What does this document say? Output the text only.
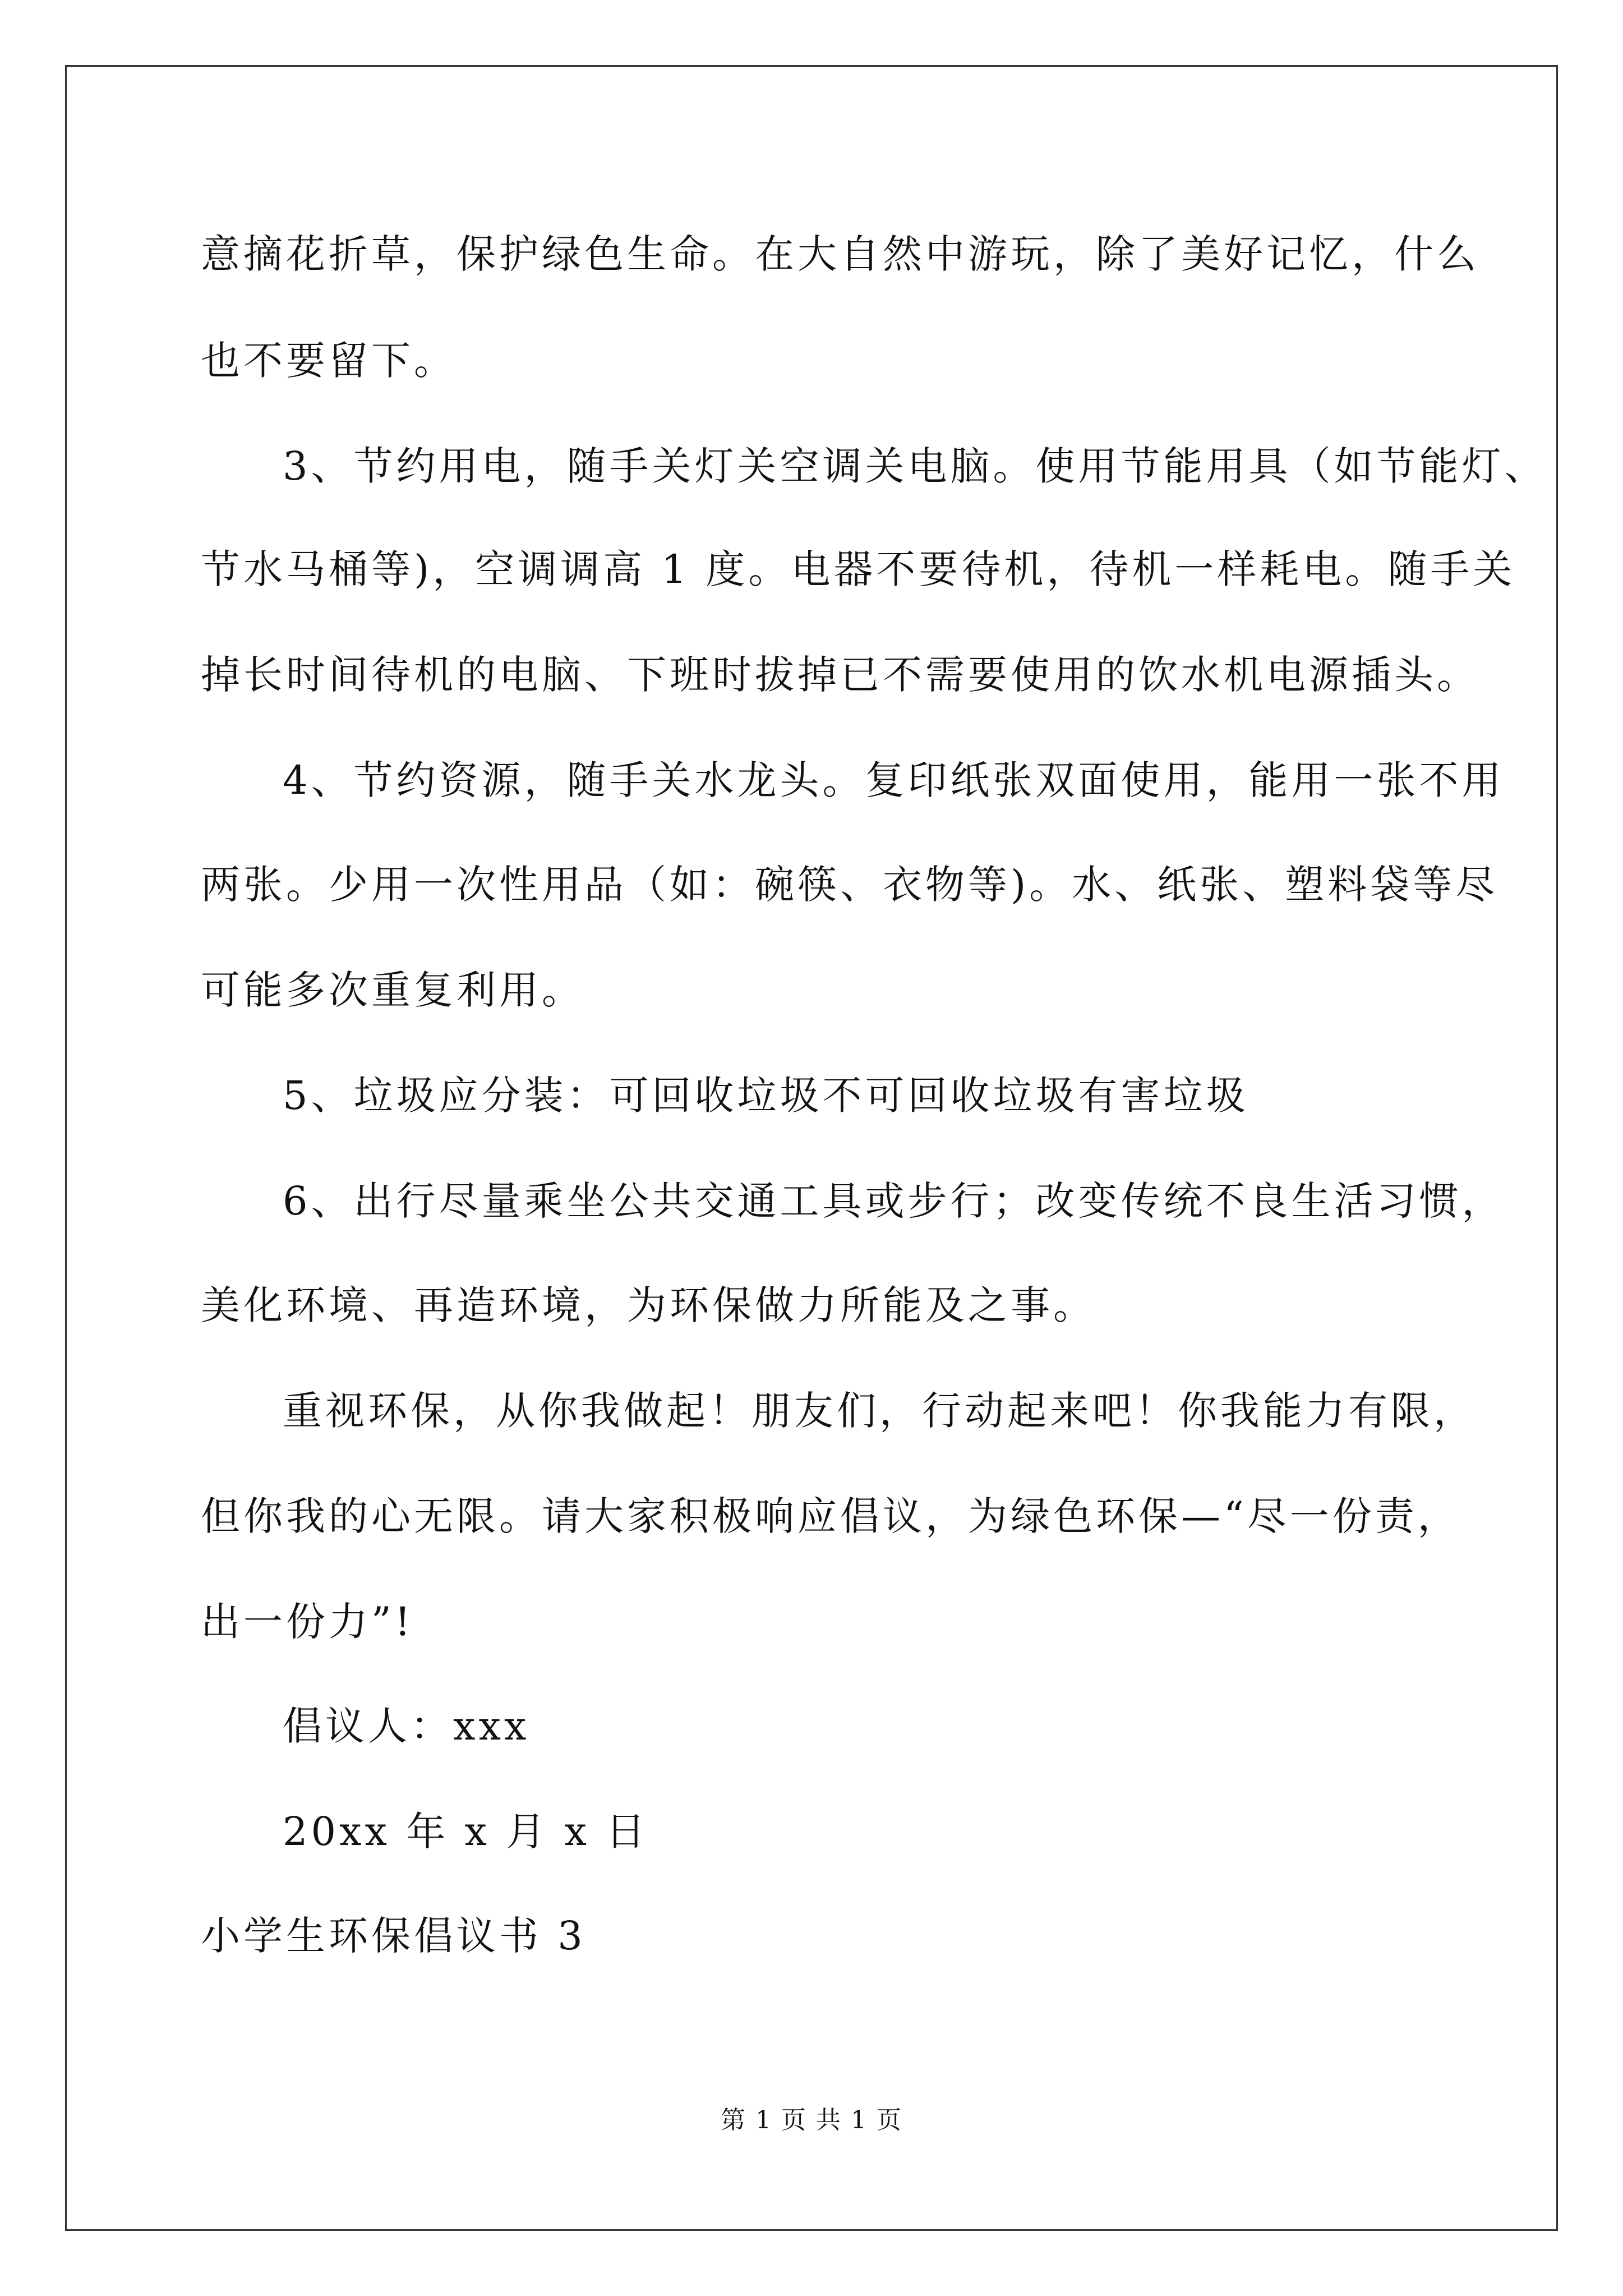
意摘花折草，保护绿色生命。在大自然中游玩，除了美好记忆，什么
也不要留下。
3、节约用电，随手关灯关空调关电脑。使用节能用具（如节能灯、
节水马桶等)，空调调高 1 度。电器不要待机，待机一样耗电。随手关
掉长时间待机的电脑、下班时拔掉已不需要使用的饮水机电源插头。
4、节约资源，随手关水龙头。复印纸张双面使用，能用一张不用
两张。少用一次性用品（如：碗筷、衣物等)。水、纸张、塑料袋等尽
可能多次重复利用。
5、垃圾应分装：可回收垃圾不可回收垃圾有害垃圾
6、出行尽量乘坐公共交通工具或步行；改变传统不良生活习惯，
美化环境、再造环境，为环保做力所能及之事。
重视环保，从你我做起！朋友们，行动起来吧！你我能力有限，
但你我的心无限。请大家积极响应倡议，为绿色环保—“尽一份责，
出一份力”!
倡议人：xxx
20xx 年 x 月 x 日
小学生环保倡议书 3
第 1 页 共 1 页
